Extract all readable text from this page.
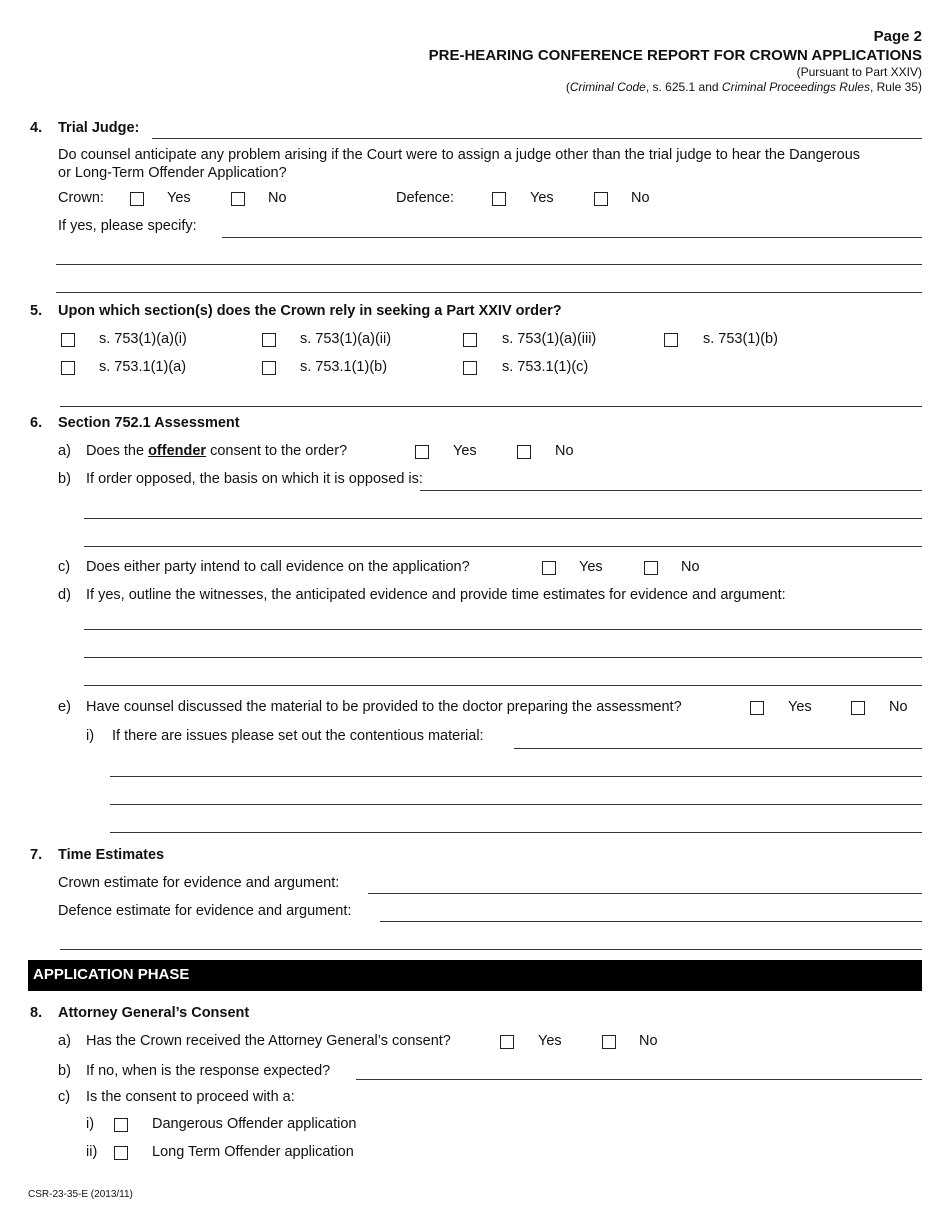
Page 2
PRE-HEARING CONFERENCE REPORT FOR CROWN APPLICATIONS
(Pursuant to Part XXIV)
(Criminal Code, s. 625.1 and Criminal Proceedings Rules, Rule 35)
4. Trial Judge:
Do counsel anticipate any problem arising if the Court were to assign a judge other than the trial judge to hear the Dangerous
or Long-Term Offender Application?
Crown:	Yes	No	Defence:	Yes	No
If yes, please specify:
5. Upon which section(s) does the Crown rely in seeking a Part XXIV order?
s. 753(1)(a)(i)	s. 753(1)(a)(ii)	s. 753(1)(a)(iii)	s. 753(1)(b)
s. 753.1(1)(a)	s. 753.1(1)(b)	s. 753.1(1)(c)
6. Section 752.1 Assessment
a) Does the offender consent to the order?	Yes	No
b) If order opposed, the basis on which it is opposed is:
c) Does either party intend to call evidence on the application?	Yes	No
d) If yes, outline the witnesses, the anticipated evidence and provide time estimates for evidence and argument:
e) Have counsel discussed the material to be provided to the doctor preparing the assessment?	Yes	No
i) If there are issues please set out the contentious material:
7. Time Estimates
Crown estimate for evidence and argument:
Defence estimate for evidence and argument:
APPLICATION PHASE
8. Attorney General’s Consent
a) Has the Crown received the Attorney General’s consent?	Yes	No
b) If no, when is the response expected?
c) Is the consent to proceed with a:
i)	Dangerous Offender application
ii)	Long Term Offender application
CSR-23-35-E (2013/11)
